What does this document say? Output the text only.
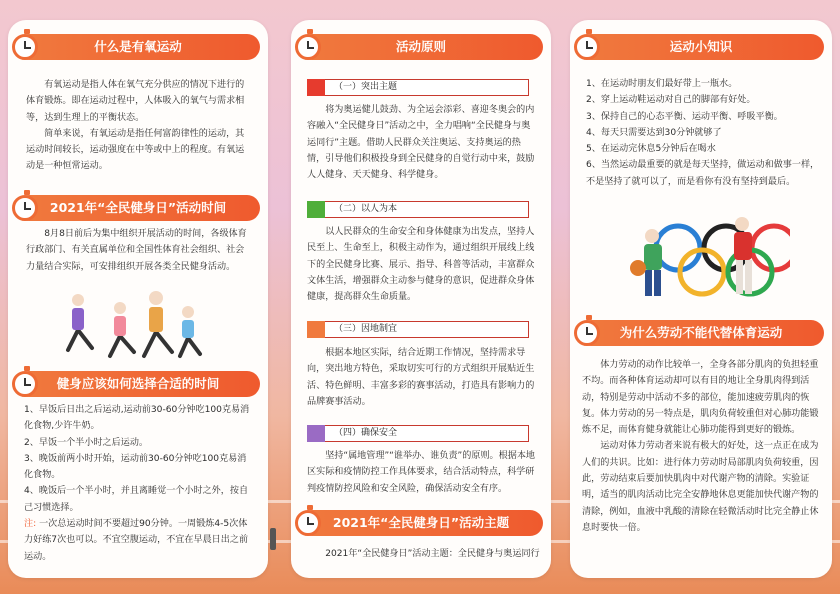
什么是有氧运动

有氧运动是指人体在氧气充分供应的情况下进行的体育锻炼。即在运动过程中，人体吸入的氧气与需求相等，达到生理上的平衡状态。

简单来说，有氧运动是指任何富韵律性的运动，其运动时间较长，运动强度在中等或中上的程度。有氧运动是一种恒常运动。

2021年“全民健身日”活动时间

8月8日前后为集中组织开展活动的时间，各级体育行政部门、有关直属单位和全国性体育社会组织、社会力量结合实际，可安排组织开展各类全民健身活动。

健身应该如何选择合适的时间
1、早饭后日出之后运动,运动前30-60分钟吃100克易消化食物,少许牛奶。
2、早饭一个半小时之后运动。
3、晚饭前两小时开始，运动前30-60分钟吃100克易消化食物。
4、晚饭后一个半小时，并且离睡觉一个小时之外，按自己习惯选择。
注: 一次总运动时间不要超过90分钟。一周锻炼4-5次体力好练7次也可以。不宜空腹运动，不宜在早晨日出之前运动。
活动原则
（一）突出主题

将为奥运健儿鼓劲、为全运会添彩、喜迎冬奥会的内容融入“全民健身日”活动之中，全力唱响“全民健身与奥运同行”主题。借助人民群众关注奥运、支持奥运的热情，引导他们积极投身到全民健身的自觉行动中来，鼓励人人健身、天天健身、科学健身。

（二）以人为本

以人民群众的生命安全和身体健康为出发点，坚持人民至上、生命至上，积极主动作为，通过组织开展线上线下的全民健身比赛、展示、指导、科普等活动，丰富群众文体生活，增强群众主动参与健身的意识，促进群众身体健康，提高群众生命质量。

（三）因地制宜

根据本地区实际，结合近期工作情况，坚持需求导向，突出地方特色，采取切实可行的方式组织开展贴近生活、特色鲜明、丰富多彩的赛事活动，打造具有影响力的品牌赛事活动。

（四）确保安全

坚持“属地管理”“谁举办、谁负责”的原则。根据本地区实际和疫情防控工作具体要求，结合活动特点，科学研判疫情防控风险和安全风险，确保活动安全有序。

2021年“全民健身日”活动主题

2021年“全民健身日”活动主题：全民健身与奥运同行

运动小知识
1、在运动时朋友们最好带上一瓶水。
2、穿上运动鞋运动对自己的脚部有好处。
3、保持自己的心态平衡、运动平衡、呼吸平衡。
4、每天只需要达到30分钟就够了
5、在运动完休息5分钟后在喝水
6、当然运动最重要的就是每天坚持，做运动和做事一样，不是坚持了就可以了，而是看你有没有坚持到最后。
为什么劳动不能代替体育运动

体力劳动的动作比较单一，全身各部分肌肉的负担轻重不均。而各种体育运动却可以有目的地让全身肌肉得到活动，特别是劳动中活动不多的部位，能加速疲劳肌肉的恢复。体力劳动的另一特点是，肌肉负荷较重但对心肺功能锻炼不足，而体育健身就能让心肺功能得到更好的锻炼。

运动对体力劳动者来说有极大的好处，这一点正在成为人们的共识。比如：进行体力劳动时局部肌肉负荷较重，因此，劳动结束后要加快肌肉中对代谢产物的清除。实验证明，适当的肌肉活动比完全安静地休息更能加快代谢产物的清除，例如，血液中乳酸的清除在轻微活动时比完全静止休息时要快一倍。
